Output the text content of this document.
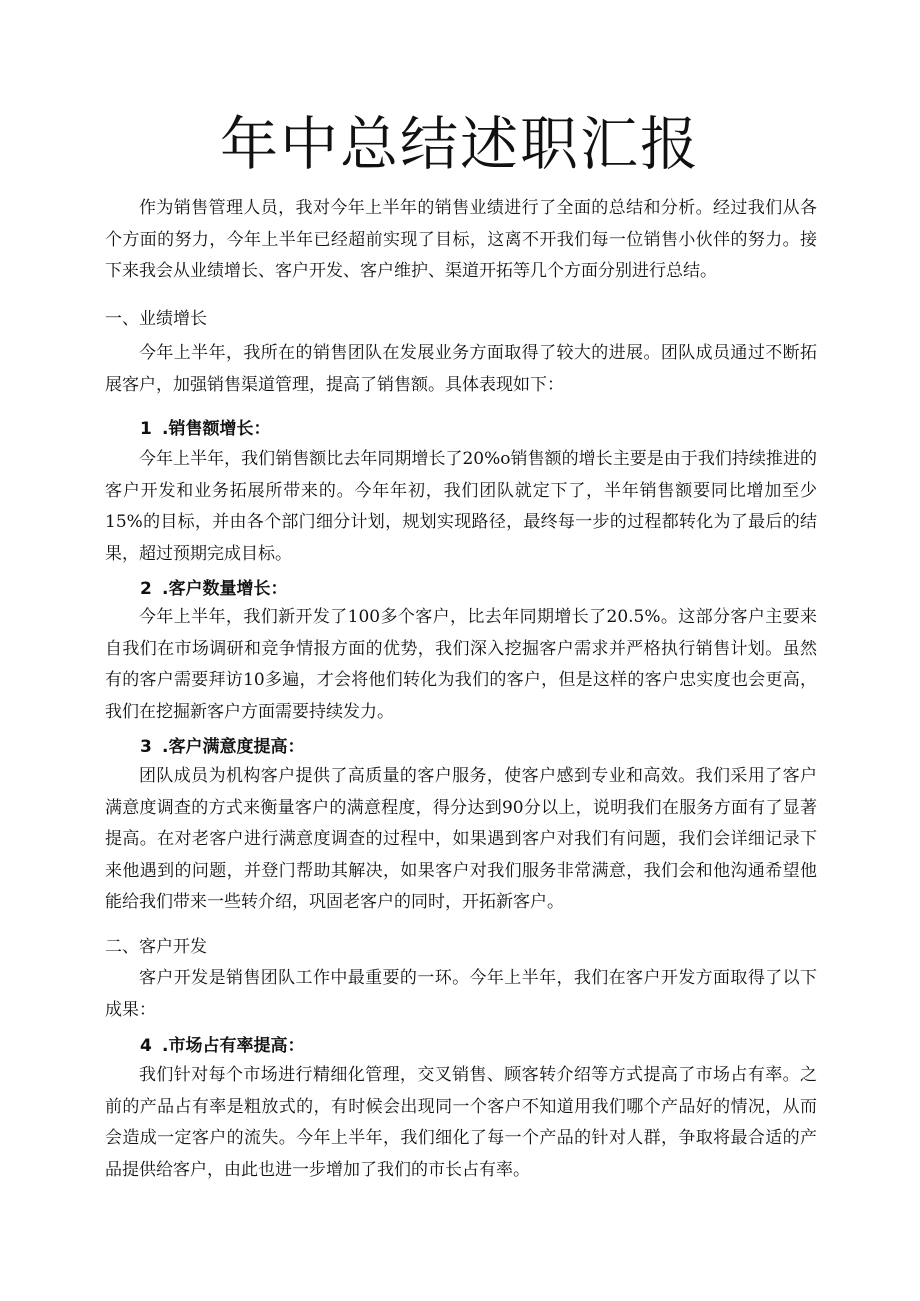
年中总结述职汇报

作为销售管理人员，我对今年上半年的销售业绩进行了全面的总结和分析。经过我们从各个方面的努力，今年上半年已经超前实现了目标，这离不开我们每一位销售小伙伴的努力。接下来我会从业绩增长、客户开发、客户维护、渠道开拓等几个方面分别进行总结。

一、业绩增长

今年上半年，我所在的销售团队在发展业务方面取得了较大的进展。团队成员通过不断拓展客户，加强销售渠道管理，提高了销售额。具体表现如下：

1 .销售额增长：

今年上半年，我们销售额比去年同期增长了20%o销售额的增长主要是由于我们持续推进的客户开发和业务拓展所带来的。今年年初，我们团队就定下了，半年销售额要同比增加至少15%的目标，并由各个部门细分计划，规划实现路径，最终每一步的过程都转化为了最后的结果，超过预期完成目标。

2 .客户数量增长：

今年上半年，我们新开发了100多个客户，比去年同期增长了20.5%。这部分客户主要来自我们在市场调研和竞争情报方面的优势，我们深入挖掘客户需求并严格执行销售计划。虽然有的客户需要拜访10多遍，才会将他们转化为我们的客户，但是这样的客户忠实度也会更高，我们在挖掘新客户方面需要持续发力。

3 .客户满意度提高：

团队成员为机构客户提供了高质量的客户服务，使客户感到专业和高效。我们采用了客户满意度调查的方式来衡量客户的满意程度，得分达到90分以上，说明我们在服务方面有了显著提高。在对老客户进行满意度调查的过程中，如果遇到客户对我们有问题，我们会详细记录下来他遇到的问题，并登门帮助其解决，如果客户对我们服务非常满意，我们会和他沟通希望他能给我们带来一些转介绍，巩固老客户的同时，开拓新客户。

二、客户开发

客户开发是销售团队工作中最重要的一环。今年上半年，我们在客户开发方面取得了以下成果：

4 .市场占有率提高：

我们针对每个市场进行精细化管理，交叉销售、顾客转介绍等方式提高了市场占有率。之前的产品占有率是粗放式的，有时候会出现同一个客户不知道用我们哪个产品好的情况，从而会造成一定客户的流失。今年上半年，我们细化了每一个产品的针对人群，争取将最合适的产品提供给客户，由此也进一步增加了我们的市长占有率。
